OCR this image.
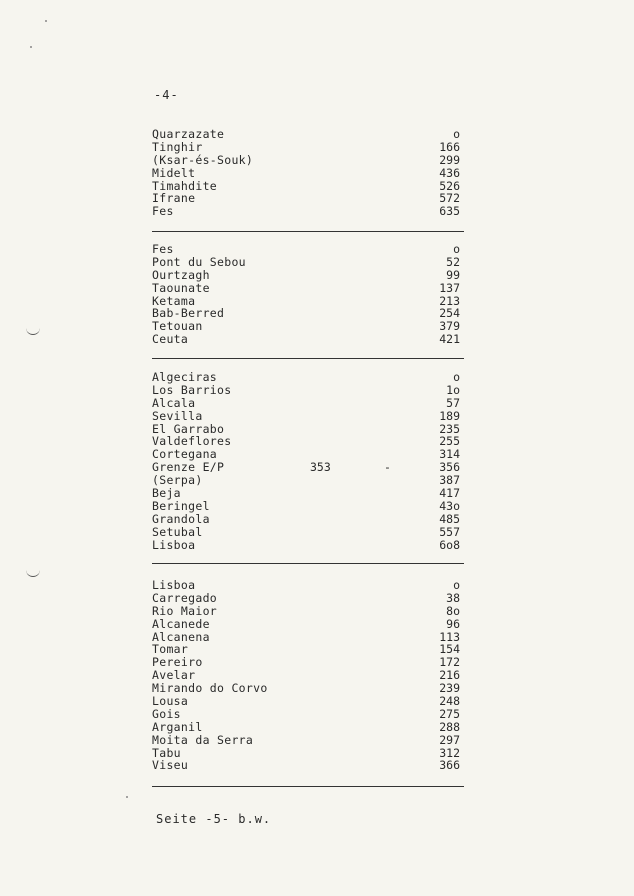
-4-
Quarzazate	o
Tinghir	166
(Ksar-és-Souk)	299
Midelt	436
Timahdite	526
Ifrane	572
Fes	635
Fes	o
Pont du Sebou	52
Ourtzagh	99
Taounate	137
Ketama	213
Bab-Berred	254
Tetouan	379
Ceuta	421
Algeciras	o
Los Barrios	1o
Alcala	57
Sevilla	189
El Garrabo	235
Valdeflores	255
Cortegana	314
Grenze E/P	353	-	356
(Serpa)	387
Beja	417
Beringel	43o
Grandola	485
Setubal	557
Lisboa	6o8
Lisboa	o
Carregado	38
Rio Maior	8o
Alcanede	96
Alcanena	113
Tomar	154
Pereiro	172
Avelar	216
Mirando do Corvo	239
Lousa	248
Gois	275
Arganil	288
Moita da Serra	297
Tabu	312
Viseu	366
Seite -5- b.w.
